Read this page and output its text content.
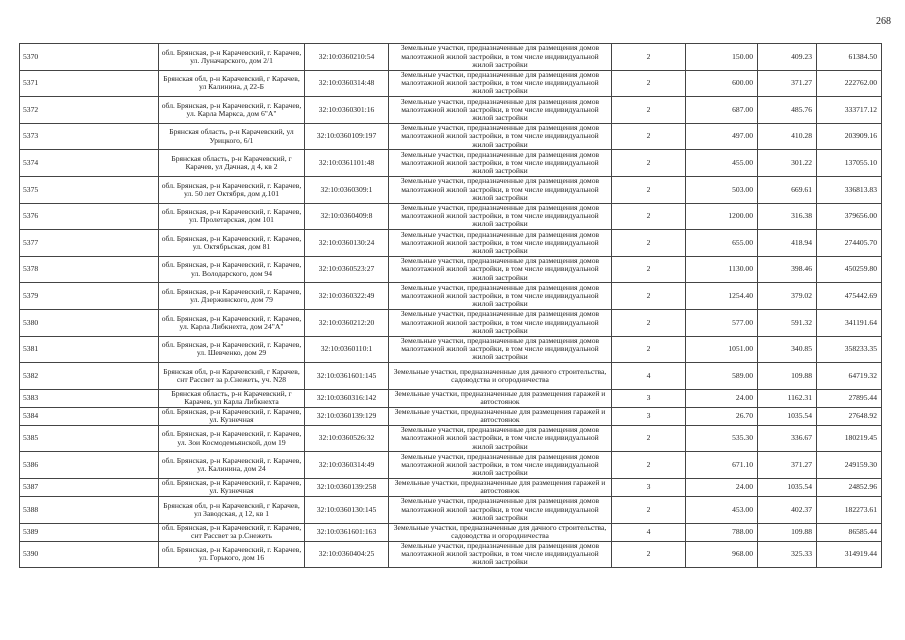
268
5370	обл. Брянская, р-н Карачевский, г. Карачев, ул. Луначарского, дом 2/1	32:10:0360210:54	Земельные участки, предназначенные для размещения домов малоэтажной жилой застройки, в том числе индивидуальной жилой застройки	2	150.00	409.23	61384.50
5371	Брянская обл, р-н Карачевский, г Карачев, ул Калинина, д 22-Б	32:10:0360314:48	Земельные участки, предназначенные для размещения домов малоэтажной жилой застройки, в том числе индивидуальной жилой застройки	2	600.00	371.27	222762.00
5372	обл. Брянская, р-н Карачевский, г. Карачев, ул. Карла Маркса, дом 6"А"	32:10:0360301:16	Земельные участки, предназначенные для размещения домов малоэтажной жилой застройки, в том числе индивидуальной жилой застройки	2	687.00	485.76	333717.12
5373	Брянская область, р-н Карачевский, ул Урицкого, 6/1	32:10:0360109:197	Земельные участки, предназначенные для размещения домов малоэтажной жилой застройки, в том числе индивидуальной жилой застройки	2	497.00	410.28	203909.16
5374	Брянская область, р-н Карачевский, г Карачев, ул Дачная, д 4, кв 2	32:10:0361101:48	Земельные участки, предназначенные для размещения домов малоэтажной жилой застройки, в том числе индивидуальной жилой застройки	2	455.00	301.22	137055.10
5375	обл. Брянская, р-н Карачевский, г. Карачев, ул. 50 лет Октября, дом д.101	32:10:0360309:1	Земельные участки, предназначенные для размещения домов малоэтажной жилой застройки, в том числе индивидуальной жилой застройки	2	503.00	669.61	336813.83
5376	обл. Брянская, р-н Карачевский, г. Карачев, ул. Пролетарская, дом 101	32:10:0360409:8	Земельные участки, предназначенные для размещения домов малоэтажной жилой застройки, в том числе индивидуальной жилой застройки	2	1200.00	316.38	379656.00
5377	обл. Брянская, р-н Карачевский, г. Карачев, ул. Октябрьская, дом 81	32:10:0360130:24	Земельные участки, предназначенные для размещения домов малоэтажной жилой застройки, в том числе индивидуальной жилой застройки	2	655.00	418.94	274405.70
5378	обл. Брянская, р-н Карачевский, г. Карачев, ул. Володарского, дом 94	32:10:0360523:27	Земельные участки, предназначенные для размещения домов малоэтажной жилой застройки, в том числе индивидуальной жилой застройки	2	1130.00	398.46	450259.80
5379	обл. Брянская, р-н Карачевский, г. Карачев, ул. Дзержинского, дом 79	32:10:0360322:49	Земельные участки, предназначенные для размещения домов малоэтажной жилой застройки, в том числе индивидуальной жилой застройки	2	1254.40	379.02	475442.69
5380	обл. Брянская, р-н Карачевский, г. Карачев, ул. Карла Либкнехта, дом 24"А"	32:10:0360212:20	Земельные участки, предназначенные для размещения домов малоэтажной жилой застройки, в том числе индивидуальной жилой застройки	2	577.00	591.32	341191.64
5381	обл. Брянская, р-н Карачевский, г. Карачев, ул. Шевченко, дом 29	32:10:0360110:1	Земельные участки, предназначенные для размещения домов малоэтажной жилой застройки, в том числе индивидуальной жилой застройки	2	1051.00	340.85	358233.35
5382	Брянская обл, р-н Карачевский, г Карачев, снт Рассвет за р.Снежеть, уч. N28	32:10:0361601:145	Земельные участки, предназначенные для дачного строительства, садоводства и огородничества	4	589.00	109.88	64719.32
5383	Брянская область, р-н Карачевский, г Карачев, ул Карла Либкнехта	32:10:0360316:142	Земельные участки, предназначенные для размещения гаражей и автостоянок	3	24.00	1162.31	27895.44
5384	обл. Брянская, р-н Карачевский, г. Карачев, ул. Кузнечная	32:10:0360139:129	Земельные участки, предназначенные для размещения гаражей и автостоянок	3	26.70	1035.54	27648.92
5385	обл. Брянская, р-н Карачевский, г. Карачев, ул. Зои Космодемьянской, дом 19	32:10:0360526:32	Земельные участки, предназначенные для размещения домов малоэтажной жилой застройки, в том числе индивидуальной жилой застройки	2	535.30	336.67	180219.45
5386	обл. Брянская, р-н Карачевский, г. Карачев, ул. Калинина, дом 24	32:10:0360314:49	Земельные участки, предназначенные для размещения домов малоэтажной жилой застройки, в том числе индивидуальной жилой застройки	2	671.10	371.27	249159.30
5387	обл. Брянская, р-н Карачевский, г. Карачев, ул. Кузнечная	32:10:0360139:258	Земельные участки, предназначенные для размещения гаражей и автостоянок	3	24.00	1035.54	24852.96
5388	Брянская обл, р-н Карачевский, г Карачев, ул Заводская, д 12, кв 1	32:10:0360130:145	Земельные участки, предназначенные для размещения домов малоэтажной жилой застройки, в том числе индивидуальной жилой застройки	2	453.00	402.37	182273.61
5389	обл. Брянская, р-н Карачевский, г. Карачев, снт Рассвет за р.Снежеть	32:10:0361601:163	Земельные участки, предназначенные для дачного строительства, садоводства и огородничества	4	788.00	109.88	86585.44
5390	обл. Брянская, р-н Карачевский, г. Карачев, ул. Горького, дом 16	32:10:0360404:25	Земельные участки, предназначенные для размещения домов малоэтажной жилой застройки, в том числе индивидуальной жилой застройки	2	968.00	325.33	314919.44
